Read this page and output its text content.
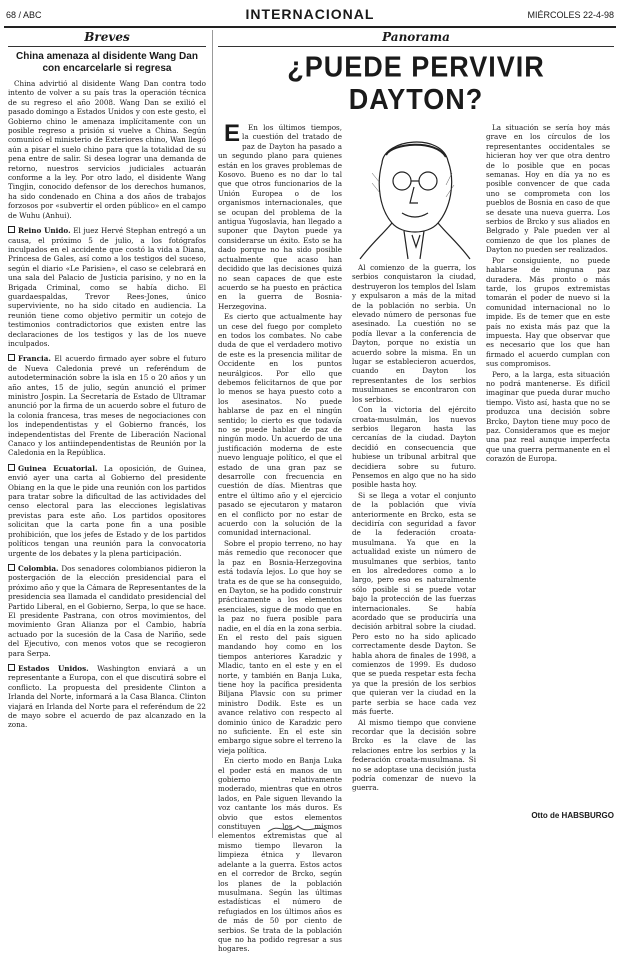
68 / ABC	INTERNACIONAL	MIÉRCOLES 22-4-98
Breves
China amenaza al disidente Wang Dan con encarcelarle si regresa

China advirtió al disidente Wang Dan contra todo intento de volver a su país tras la operación técnica de su regreso el año 2008. Wang Dan se exilió el pasado domingo a Estados Unidos y con este gesto, el Gobierno chino le amenaza implícitamente con un posible regreso a prisión si vuelve a China. Según comunicó el ministerio de Exteriores chino, Wan llegó aún a pisar el suelo chino para que la totalidad de su pena entre de salir. Si desea lograr una demanda de retorno, nuestros servicios judiciales actuarán conforme a la ley. Por otro lado, el disidente Wang Tingjin, conocido defensor de los derechos humanos, ha sido condenado en China a dos años de trabajos forzosos por «subvertir el orden público» en el campo de Wuhu (Anhui).

Reino Unido. El juez Hervé Stephan entregó a un causa, el próximo 5 de julio, a los fotógrafos inculpados en el accidente que costó la vida a Diana, Princesa de Gales, así como a los testigos del suceso, según el diario «Le Parisien», el caso se celebrará en una sala del Palacio de Justicia parisino, y no en la Brigada Criminal, como se había dicho. El guardaespaldas, Trevor Rees-Jones, único superviviente, no ha sido citado en audiencia. La reunión tiene como objetivo permitir un cotejo de testimonios contradictorios que existen entre las declaraciones de los testigos y las de los nueve inculpados.
Francia. El acuerdo firmado ayer sobre el futuro de Nueva Caledonia prevé un referéndum de autodeterminación sobre la isla en 15 o 20 años y un año antes, 15 de julio, según anunció el primer ministro Jospin. La Secretaría de Estado de Ultramar anunció por la firma de un acuerdo sobre el futuro de la colonia francesa, tras meses de negociaciones con los independentistas y el Gobierno francés, los independentistas del Frente de Liberación Nacional Canaco y los antiindependentistas de Reunión por la Caledonia en la República.
Guinea Ecuatorial. La oposición, de Guinea, envió ayer una carta al Gobierno del presidente Obiang en la que le pide una reunión con los partidos para tratar sobre la dificultad de las actividades del censo electoral para las elecciones legislativas previstas para este año. Los partidos opositores solicitan que la carta pone fin a una posible prohibición, que los jefes de Estado y de los partidos políticos tengan una reunión para la convocatoria urgente de los debates y la plena participación.
Colombia. Dos senadores colombianos pidieron la postergación de la elección presidencial para el próximo año y que la Cámara de Representantes de la presidencia sea llamada el candidato presidencial del Partido Liberal, en el Gobierno, Serpa, lo que se hace. El presidente Pastrana, con otros movimientos, del movimiento Gran Alianza por el Cambio, habría actuado por la sucesión de la Casa de Nariño, sede del Ejecutivo, con menos votos que se recogieron para Serpa.
Estados Unidos. Washington enviará a un representante a Europa, con el que discutirá sobre el conflicto. La propuesta del presidente Clinton a Irlanda del Norte, informará a la Casa Blanca. Clinton viajará en Irlanda del Norte para el referéndum de 22 de mayo sobre el acuerdo de paz alcanzado en la zona.
Panorama
¿PUEDE PERVIVIR DAYTON?

E En los últimos tiempos, la cuestión del tratado de paz de Dayton ha pasado a un segundo plano para quienes están en los graves problemas de Kosovo. Bueno es no dar lo tal que que otros funcionarios de la Unión Europea o de los organismos internacionales, que se ocupan del problema de la antigua Yugoslavia, han llegado a suponer que Dayton puede ya considerarse un éxito. Esto se ha dado porque no ha sido posible actualmente que acaso han decidido que las decisiones quizá no sean capaces de que este acuerdo se ha puesto en práctica en la guerra de Bosnia-Herzegovina.

Es cierto que actualmente hay un cese del fuego por completo en todos los combates. No cabe duda de que el verdadero motivo de este es la presencia militar de Occidente en los puntos neurálgicos. Por ello que debemos felicitarnos de que por lo menos se haya puesto coto a los asesinatos. No puede hablarse de paz en el ningún sentido; lo cierto es que todavía no se puede hablar de paz de ningún modo. Un acuerdo de una justificación moderna de este nuevo lenguaje político, el que el estado de una gran paz se desarrolle con frecuencia en cuestión de días. Mientras que entre el último año y el ejercicio pasado se ejecutaron y mataron en el conflicto por no estar de acuerdo con la solución de la comunidad internacional.

Sobre el propio terreno, no hay más remedio que reconocer que la paz en Bosnia-Herzegovina está todavía lejos. Lo que hoy se trata es de que se ha conseguido, en Dayton, se ha podido construir prácticamente a los elementos esenciales, sigue de modo que en la paz no fuera posible para nadie, en el día en la zona serbia. En el resto del país siguen mandando hoy como en los tiempos anteriores Karadzic y Mladic, tanto en el este y en el norte, y también en Banja Luka, tiene hoy la pacífica presidenta Biljana Plavsic con su primer ministro Dodik. Este es un avance relativo con respecto al dominio único de Karadzic pero no suficiente. En el este sin embargo sigue sobre el terreno la vieja política.

En cierto modo en Banja Luka el poder está en manos de un gobierno relativamente moderado, mientras que en otros lados, en Pale siguen llevando la voz cantante los más duros. Es obvio que estos elementos constituyen los mismos elementos extremistas que al mismo tiempo llevaron la limpieza étnica y llevaron adelante a la guerra. Estos actos en el corredor de Brcko, según los planes de la población musulmana. Según las últimas estadísticas el número de refugiados en los últimos años es de más de 50 por ciento de serbios. Se trata de la población que no ha podido regresar a sus hogares.

Al comienzo de la guerra, los serbios conquistaron la ciudad, destruyeron los templos del Islam y expulsaron a más de la mitad de la población no serbia. Un elevado número de personas fue asesinado. La cuestión no se podía llevar a la conferencia de Dayton, porque no existía un acuerdo sobre la misma. En un lugar se establecieron acuerdos, cuando en Dayton los representantes de los serbios musulmanes se encontraron con los serbios.

Con la victoria del ejército croata-musulmán, los nuevos serbios llegaron hasta las cercanías de la ciudad. Dayton decidió en consecuencia que hubiese un tribunal arbitral que decidiera sobre su futuro. Pensemos en algo que no ha sido posible hasta hoy.

Si se llega a votar el conjunto de la población que vivía anteriormente en Brcko, esta se decidiría con seguridad a favor de la federación croata-musulmana. Ya que en la actualidad existe un número de musulmanes que serbios, tanto en los alrededores como a lo largo, pero eso es naturalmente sólo posible si se puede votar bajo la protección de las fuerzas internacionales. Se había acordado que se produciría una decisión arbitral sobre la ciudad. Pero esto no ha sido aplicado correctamente desde Dayton. Se habla ahora de finales de 1998, a comienzos de 1999. Es dudoso que se pueda respetar esta fecha ya que la presión de los serbios que quieran ver la ciudad en la parte serbia se hace cada vez más fuerte.

Al mismo tiempo que conviene recordar que la decisión sobre Brcko es la clave de las relaciones entre los serbios y la federación croata-musulmana. Si no se adoptase una decisión justa podría comenzar de nuevo la guerra.

La situación se sería hoy más grave en los círculos de los representantes occidentales se hicieran hoy ver que otra dentro de lo posible que en pocas semanas. Hoy en día ya no es posible convencer de que cada uno se comprometa con los pueblos de Bosnia en caso de que se desate una nueva guerra. Los serbios de Brcko y sus aliados en Belgrado y Pale pueden ver al comienzo de que los planes de Dayton no pueden ser realizados.

Por consiguiente, no puede hablarse de ninguna paz duradera. Más pronto o más tarde, los grupos extremistas tomarán el poder de nuevo si la comunidad internacional no lo impide. Es de temer que en este país no exista más paz que la impuesta. Hay que observar que es necesario que los que han firmado el acuerdo cumplan con sus compromisos.

Pero, a la larga, esta situación no podrá mantenerse. Es difícil imaginar que pueda durar mucho tiempo. Visto así, hasta que no se produzca una decisión sobre Brcko, Dayton tiene muy poco de paz. Consideramos que es mejor una paz real aunque imperfecta que una guerra permanente en el corazón de Europa.

Otto de HABSBURGO
